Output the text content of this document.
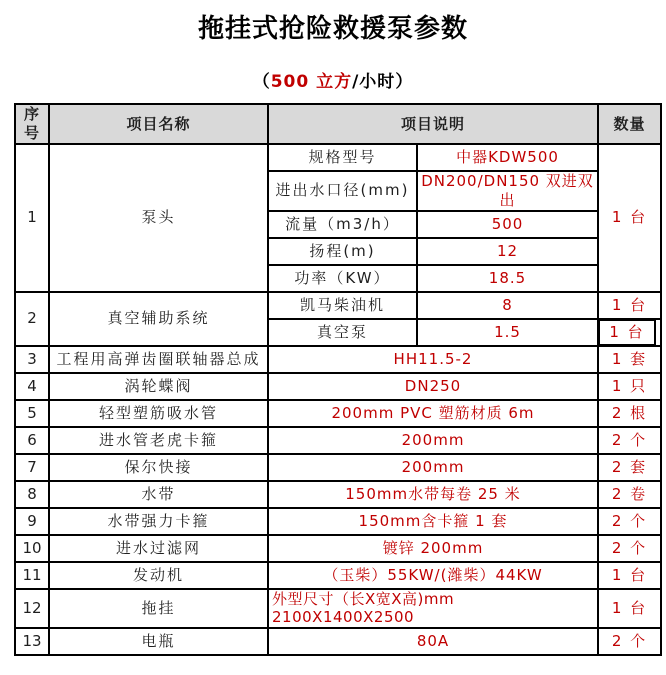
拖挂式抢险救援泵参数
（500 立方/小时）
序号	项目名称	项目说明		数量
1	泵头	规格型号	中器KDW500	1 台
		进出水口径(mm)	DN200/DN150 双进双出	
		流量（m3/h）	500	
		扬程(m)	12	
		功率（KW）	18.5	
2	真空辅助系统	凯马柴油机	8	1 台
		真空泵	1.5	1 台

3	工程用高弹齿圈联轴器总成	HH11.5-2		1 套
4	涡轮蝶阀	DN250		1 只
5	轻型塑筋吸水管	200mm PVC 塑筋材质 6m		2 根
6	进水管老虎卡箍	200mm		2 个
7	保尔快接	200mm		2 套
8	水带	150mm水带每卷 25 米		2 卷
9	水带强力卡箍	150mm含卡箍 1 套		2 个
10	进水过滤网	镀锌 200mm		2 个
11	发动机	（玉柴）55KW/(潍柴）44KW		1 台
12	拖挂	外型尺寸（长X宽X高)mm 2100X1400X2500		1 台
13	电瓶	80A		2 个
